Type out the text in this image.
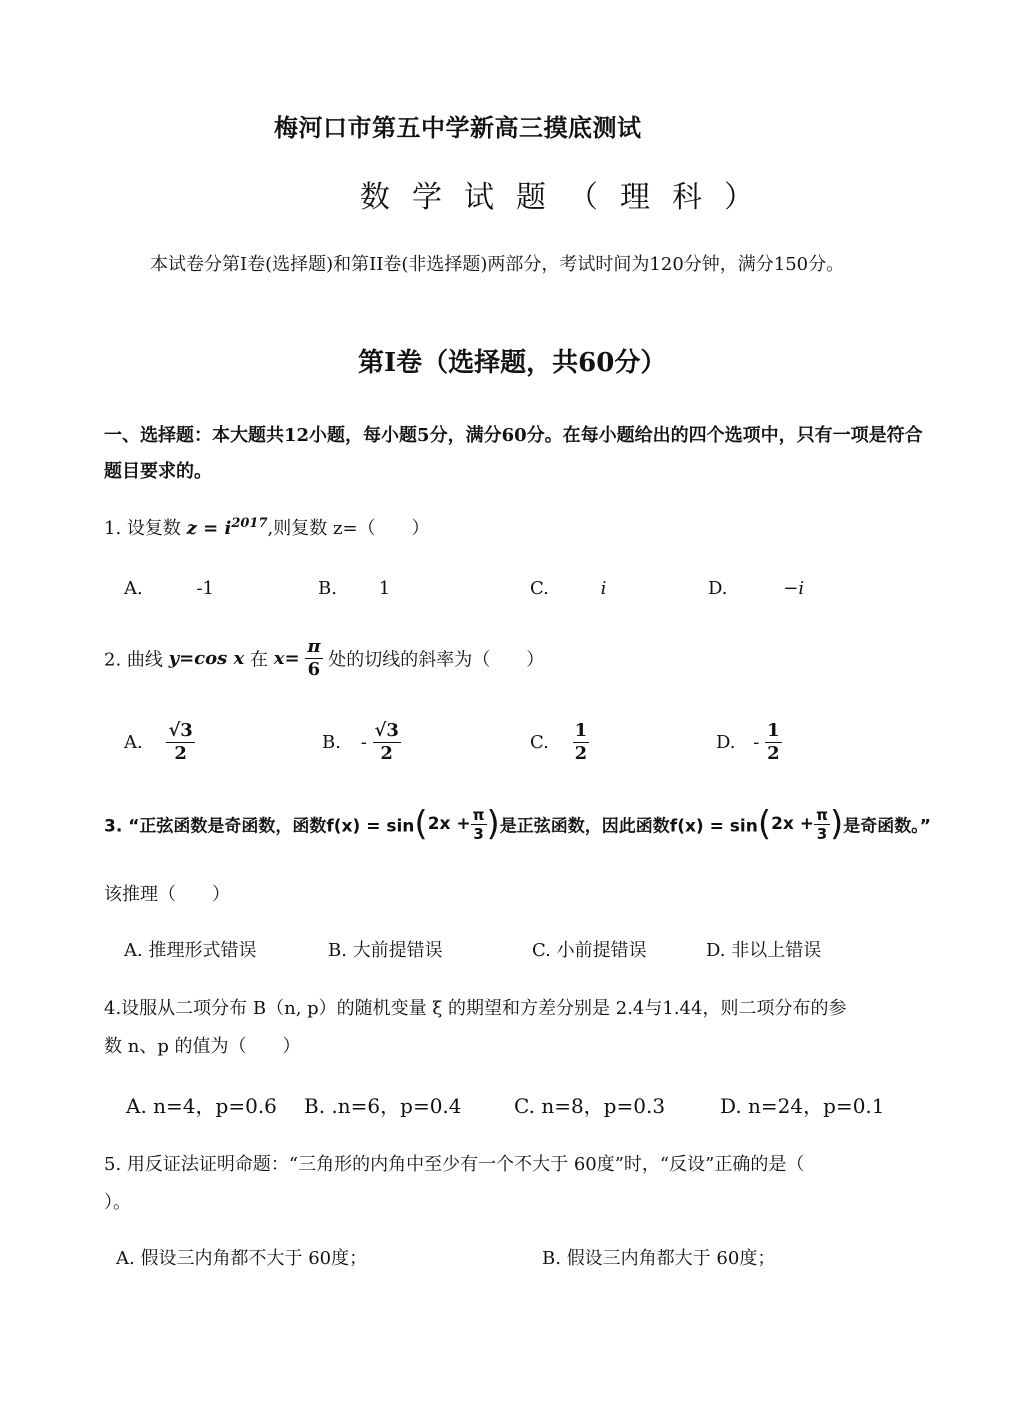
梅河口市第五中学新高三摸底测试
数学试题（理科）
本试卷分第Ⅰ卷(选择题)和第II卷(非选择题)两部分，考试时间为120分钟，满分150分。
第Ⅰ卷（选择题，共60分）
一、选择题：本大题共12小题，每小题5分，满分60分。在每小题给出的四个选项中，只有一项是符合题目要求的。
1. 设复数 $z = i^{2017}$,则复数 z=（　　）
A.	-1	B. 1	C.	i	D.	−i
2. 曲线 y=cos x 在 $x= \frac{\pi}{6}$ 处的切线的斜率为（　　）
A. $\frac{√3}{2}$	B. - $\frac{√3}{2}$	C. $\frac{1}{2}$	D. - $\frac{1}{2}$
3. “正弦函数是奇函数，函数$f(x) = \sin(2x + \frac{\pi}{3}$ )是正弦函数，因此函数$f(x) = \sin(2x + \frac{\pi}{3}$ )是奇函数。”
该推理（　　）
A. 推理形式错误	B. 大前提错误	C. 小前提错误	D. 非以上错误
4.设服从二项分布 B（n, p）的随机变量 ξ 的期望和方差分别是 2.4与1.44，则二项分布的参
数 n、p 的值为（　　）
A. n=4，p=0.6 B. .n=6，p=0.4	C. n=8，p=0.3	D. n=24，p=0.1
5. 用反证法证明命题：“三角形的内角中至少有一个不大于 60度”时，“反设”正确的是（
）。
A. 假设三内角都不大于 60度；	B. 假设三内角都大于 60度；
